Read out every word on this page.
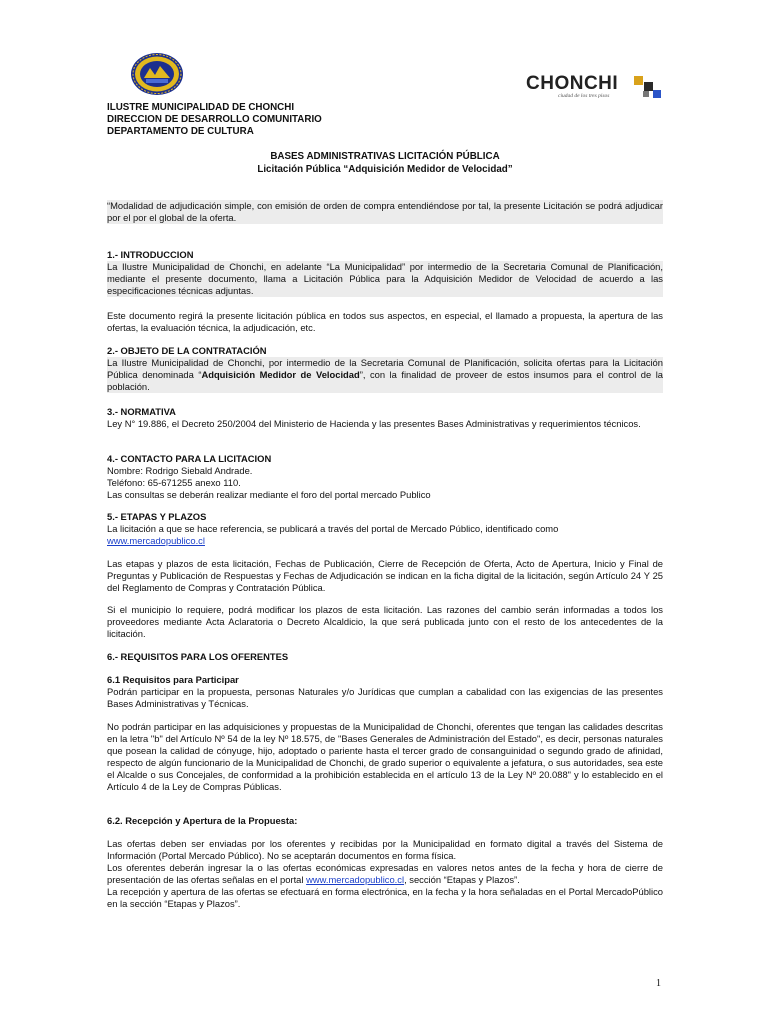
CHONCHI
ciudad de los tres pisos
ILUSTRE MUNICIPALIDAD DE CHONCHI
DIRECCION DE DESARROLLO COMUNITARIO
DEPARTAMENTO DE CULTURA
BASES ADMINISTRATIVAS LICITACIÓN PÚBLICA
Licitación Pública “Adquisición Medidor de Velocidad”
“Modalidad de adjudicación simple, con emisión de orden de compra entendiéndose por tal, la presente Licitación se podrá adjudicar por el por el global de la oferta.
1.- INTRODUCCION
La Ilustre Municipalidad de Chonchi, en adelante “La Municipalidad” por intermedio de la Secretaria Comunal de Planificación, mediante el presente documento, llama a Licitación Pública para la Adquisición Medidor de Velocidad de acuerdo a las especificaciones técnicas adjuntas.
Este documento regirá la presente licitación pública en todos sus aspectos, en especial, el llamado a propuesta, la apertura de las ofertas, la evaluación técnica, la adjudicación, etc.
2.- OBJETO DE LA CONTRATACIÓN
La Ilustre Municipalidad de Chonchi, por intermedio de la Secretaria Comunal de Planificación, solicita ofertas para la Licitación Pública denominada “Adquisición Medidor de Velocidad”, con la finalidad de proveer de estos insumos para el control de la población.
3.- NORMATIVA
Ley N° 19.886, el Decreto 250/2004 del Ministerio de Hacienda y las presentes Bases Administrativas y requerimientos técnicos.
4.- CONTACTO PARA LA LICITACION
Nombre: Rodrigo Siebald Andrade.
Teléfono: 65-671255 anexo 110.
Las consultas se deberán realizar mediante el foro del portal mercado Publico
5.- ETAPAS Y PLAZOS
La licitación a que se hace referencia, se publicará a través del portal de Mercado Público, identificado como
www.mercadopublico.cl
Las etapas y plazos de esta licitación, Fechas de Publicación, Cierre de Recepción de Oferta, Acto de Apertura, Inicio y Final de Preguntas y Publicación de Respuestas y Fechas de Adjudicación se indican en la ficha digital de la licitación, según Artículo 24 Y 25 del Reglamento de Compras y Contratación Pública.
Si el municipio lo requiere, podrá modificar los plazos de esta licitación. Las razones del cambio serán informadas a todos los proveedores mediante Acta Aclaratoria o Decreto Alcaldicio, la que será publicada junto con el resto de los antecedentes de la licitación.
6.- REQUISITOS PARA LOS OFERENTES
6.1 Requisitos para Participar
Podrán participar en la propuesta, personas Naturales y/o Jurídicas que cumplan a cabalidad con las exigencias de las presentes Bases Administrativas y Técnicas.
No podrán participar en las adquisiciones y propuestas de la Municipalidad de Chonchi, oferentes que tengan las calidades descritas en la letra "b" del Artículo Nº 54 de la ley Nº 18.575, de "Bases Generales de Administración del Estado", es decir, personas naturales que posean la calidad de cónyuge, hijo, adoptado o pariente hasta el tercer grado de consanguinidad o segundo grado de afinidad, respecto de algún funcionario de la Municipalidad de Chonchi, de grado superior o equivalente a jefatura, o sus autoridades, sea este el Alcalde o sus Concejales, de conformidad a la prohibición establecida en el artículo 13 de la Ley Nº 20.088" y lo establecido en el Artículo 4 de la Ley de Compras Públicas.
6.2. Recepción y Apertura de la Propuesta:
Las ofertas deben ser enviadas por los oferentes y recibidas por la Municipalidad en formato digital a través del Sistema de Información (Portal Mercado Público). No se aceptarán documentos en forma física.
Los oferentes deberán ingresar la o las ofertas económicas expresadas en valores netos antes de la fecha y hora de cierre de presentación de las ofertas señalas en el portal www.mercadopublico.cl, sección “Etapas y Plazos”.
La recepción y apertura de las ofertas se efectuará en forma electrónica, en la fecha y la hora señaladas en el Portal MercadoPúblico en la sección “Etapas y Plazos”.
1
